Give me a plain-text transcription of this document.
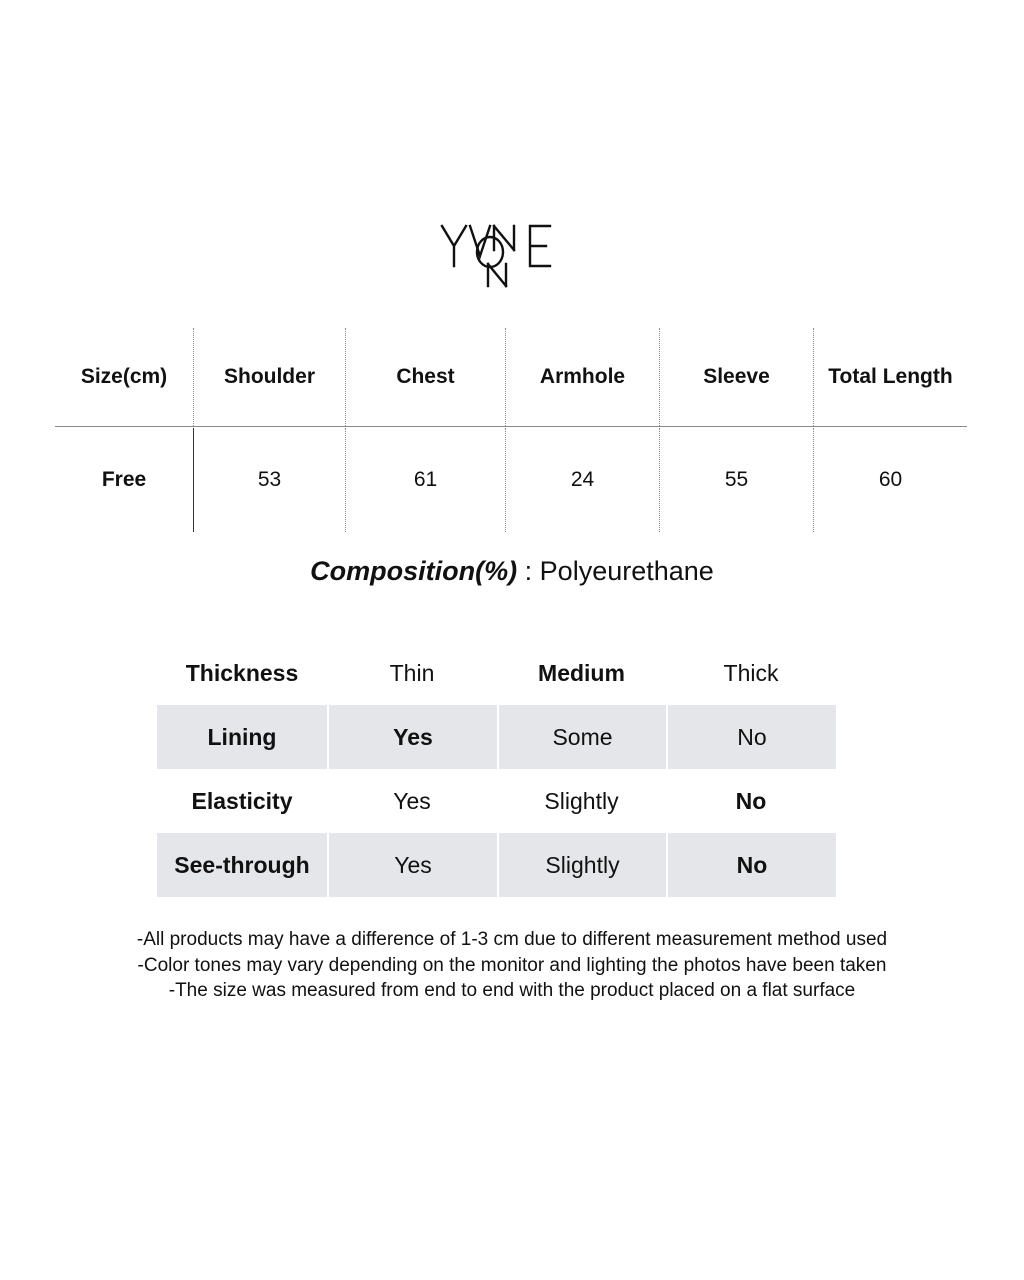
Size(cm)	Shoulder	Chest	Armhole	Sleeve	Total Length
Free	53	61	24	55	60
Composition(%) : Polyeurethane
Thickness	Thin	Medium	Thick
Lining	Yes	Some	No
Elasticity	Yes	Slightly	No
See-through	Yes	Slightly	No
-All products may have a difference of 1-3 cm due to different measurement method used
-Color tones may vary depending on the monitor and lighting the photos have been taken
-The size was measured from end to end with the product placed on a flat surface
